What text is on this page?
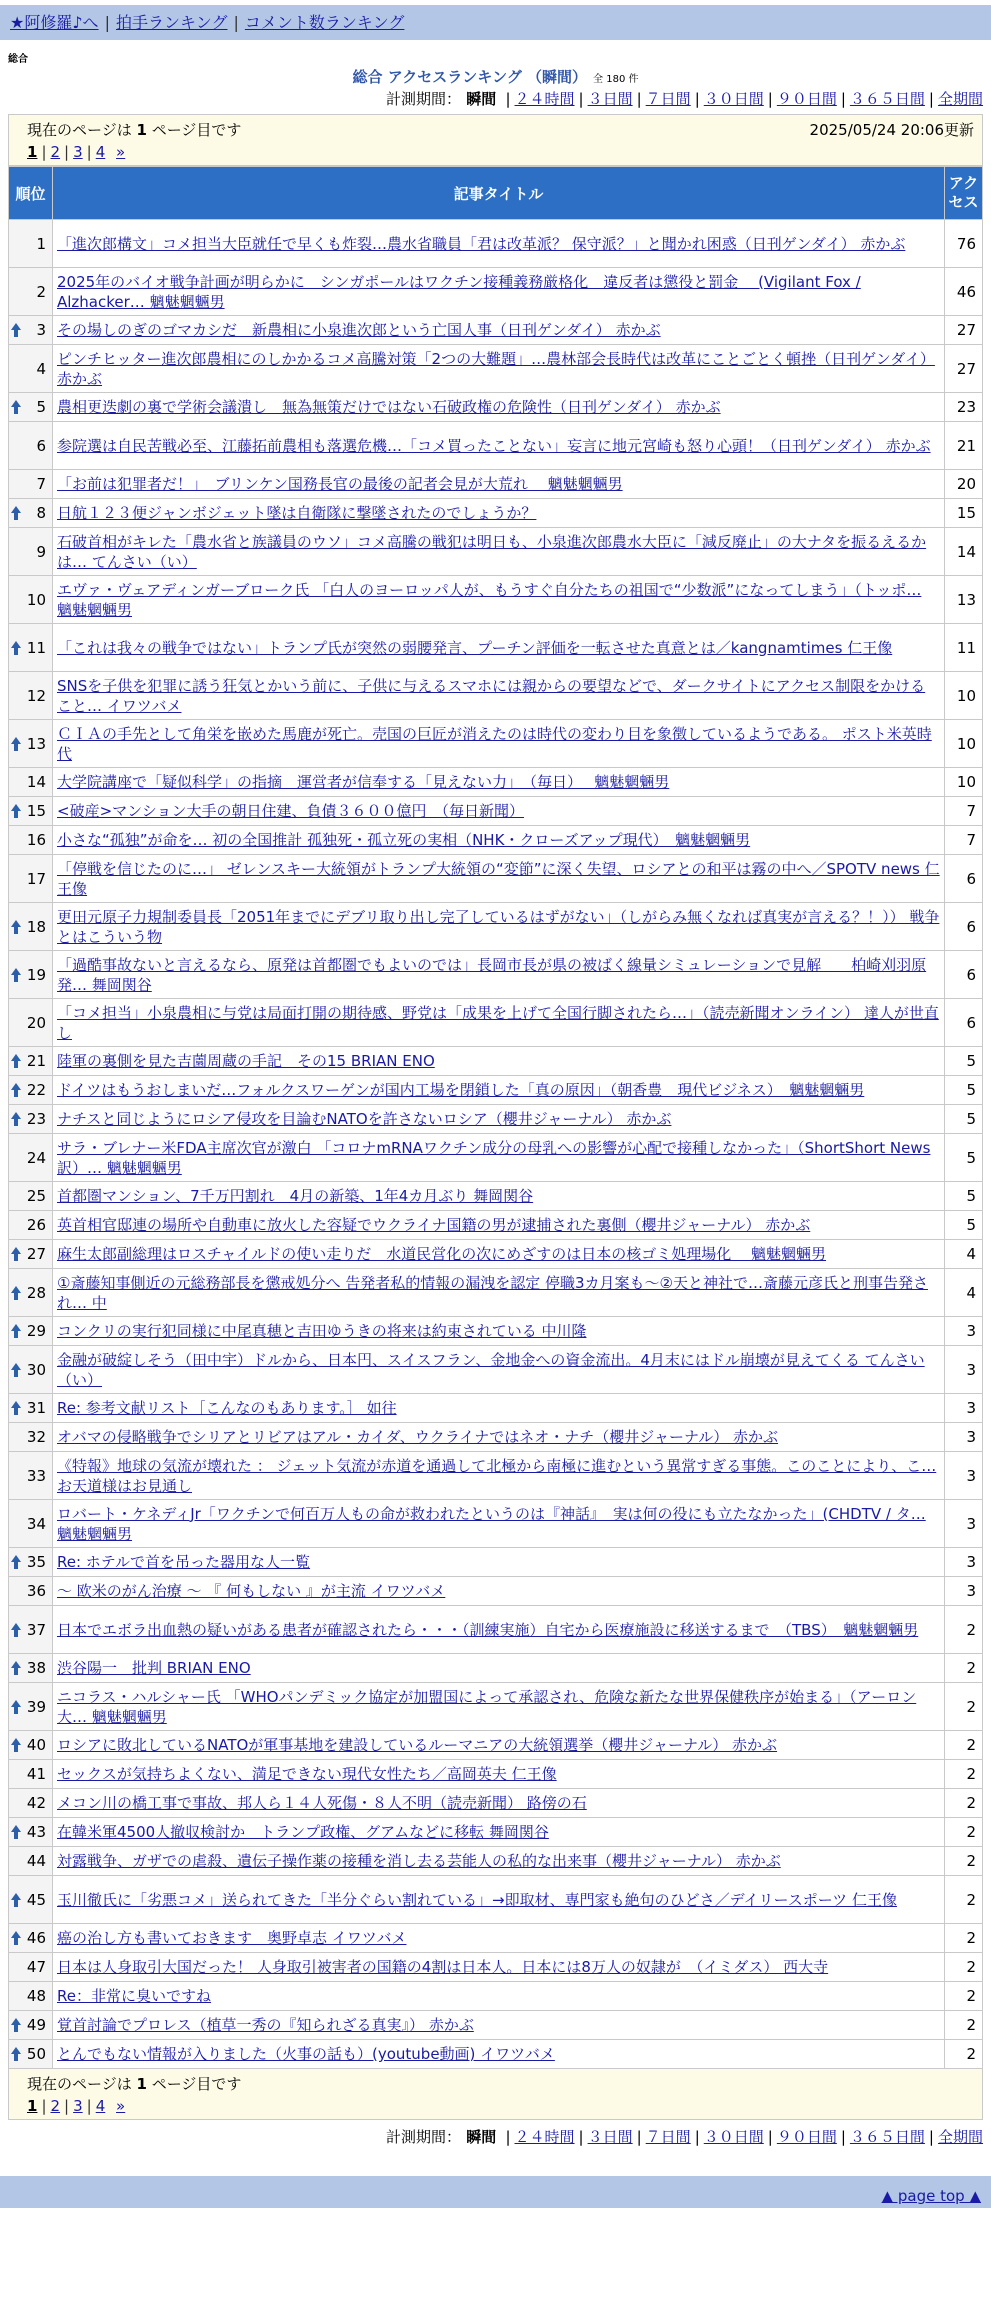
★阿修羅♪へ | 拍手ランキング | コメント数ランキング
総合
総合 アクセスランキング （瞬間） 全 180 件
計測期間： 瞬間 | ２４時間 | ３日間 | ７日間 | ３０日間 | ９０日間 | ３６５日間 | 全期間
現在のページは 1 ページ目です	2025/05/24 20:06更新
1 | 2 | 3 | 4 »
順位	記事タイトル	アクセス
1	「進次郎構文」コメ担当大臣就任で早くも炸裂…農水省職員「君は改革派？ 保守派？」と聞かれ困惑（日刊ゲンダイ） 赤かぶ	76
2	2025年のバイオ戦争計画が明らかに　シンガポールはワクチン接種義務厳格化　違反者は懲役と罰金　 (Vigilant Fox / Alzhacker… 魑魅魍魎男	46

3	その場しのぎのゴマカシだ　新農相に小泉進次郎という亡国人事（日刊ゲンダイ） 赤かぶ	27
4	ピンチヒッター進次郎農相にのしかかるコメ高騰対策「2つの大難題」…農林部会長時代は改革にことごとく頓挫（日刊ゲンダイ） 赤かぶ	27

5	農相更迭劇の裏で学術会議潰し　無為無策だけではない石破政権の危険性（日刊ゲンダイ） 赤かぶ	23
6	参院選は自民苦戦必至、江藤拓前農相も落選危機…「コメ買ったことない」妄言に地元宮崎も怒り心頭！（日刊ゲンダイ） 赤かぶ	21
7	「お前は犯罪者だ！」　ブリンケン国務長官の最後の記者会見が大荒れ　 魑魅魍魎男	20

8	日航１２３便ジャンボジェット墜は自衛隊に撃墜されたのでしょうか？	15
9	石破首相がキレた「農水省と族議員のウソ」コメ高騰の戦犯は明日も、小泉進次郎農水大臣に「減反廃止」の大ナタを振るえるかは… てんさい（い）	14
10	エヴァ・ヴェアディンガーブローク氏 「白人のヨーロッパ人が、もうすぐ自分たちの祖国で“少数派”になってしまう」（トッポ… 魑魅魍魎男	13

11	「これは我々の戦争ではない」トランプ氏が突然の弱腰発言、プーチン評価を一転させた真意とは／kangnamtimes 仁王像	11
12	SNSを子供を犯罪に誘う狂気とかいう前に、子供に与えるスマホには親からの要望などで、ダークサイトにアクセス制限をかけること… イワツバメ	10

13	ＣＩＡの手先として角栄を嵌めた馬鹿が死亡。売国の巨匠が消えたのは時代の変わり目を象徴しているようである。 ポスト米英時代	10
14	大学院講座で「疑似科学」の指摘　運営者が信奉する「見えない力」　（毎日）　 魑魅魍魎男	10

15	<破産>マンション大手の朝日住建、負債３６００億円　（毎日新聞）	7
16	小さな“孤独”が命を… 初の全国推計 孤独死・孤立死の実相（NHK・クローズアップ現代）　魑魅魍魎男	7
17	「停戦を信じたのに…」 ゼレンスキー大統領がトランプ大統領の“変節”に深く失望、ロシアとの和平は霧の中へ／SPOTV news 仁王像	6

18	更田元原子力規制委員長「2051年までにデブリ取り出し完了しているはずがない」（しがらみ無くなれば真実が言える？！）） 戦争とはこういう物	6

19	「過酷事故ないと言えるなら、原発は首都圏でもよいのでは」長岡市長が県の被ばく線量シミュレーションで見解　　柏崎刈羽原発… 舞岡関谷	6
20	「コメ担当」小泉農相に与党は局面打開の期待感、野党は「成果を上げて全国行脚されたら…」（読売新聞オンライン） 達人が世直し	6

21	陸軍の裏側を見た吉薗周蔵の手記　その15 BRIAN ENO	5

22	ドイツはもうおしまいだ…フォルクスワーゲンが国内工場を閉鎖した「真の原因」（朝香豊　現代ビジネス）　魑魅魍魎男	5

23	ナチスと同じようにロシア侵攻を目論むNATOを許さないロシア（櫻井ジャーナル） 赤かぶ	5
24	サラ・ブレナー米FDA主席次官が激白 「コロナmRNAワクチン成分の母乳への影響が心配で接種しなかった」（ShortShort News訳）… 魑魅魍魎男	5
25	首都圏マンション、7千万円割れ　4月の新築、1年4カ月ぶり 舞岡関谷	5
26	英首相官邸連の場所や自動車に放火した容疑でウクライナ国籍の男が逮捕された裏側（櫻井ジャーナル） 赤かぶ	5

27	麻生太郎副総理はロスチャイルドの使い走りだ　水道民営化の次にめざすのは日本の核ゴミ処理場化　 魑魅魍魎男	4

28	①斎藤知事側近の元総務部長を懲戒処分へ 告発者私的情報の漏洩を認定 停職3カ月案も～②天と神社で…斎藤元彦氏と刑事告発され… 中	4

29	コンクリの実行犯同様に中尾真穂と吉田ゆうきの将来は約束されている 中川隆	3

30	金融が破綻しそう（田中宇）ドルから、日本円、スイスフラン、金地金への資金流出。4月末にはドル崩壊が見えてくる てんさい（い）	3

31	Re: 参考文献リスト［こんなのもあります。］ 如往	3
32	オバマの侵略戦争でシリアとリビアはアル・カイダ、ウクライナではネオ・ナチ（櫻井ジャーナル） 赤かぶ	3
33	《特報》地球の気流が壊れた ： ジェット気流が赤道を通過して北極から南極に進むという異常すぎる事態。このことにより、こ… お天道様はお見通し	3
34	ロバート・ケネディJr「ワクチンで何百万人もの命が救われたというのは『神話』　実は何の役にも立たなかった」(CHDTV / タ… 魑魅魍魎男	3

35	Re: ホテルで首を吊った器用な人一覧	3
36	～ 欧米のがん治療 ～ 『 何もしない 』が主流 イワツバメ	3

37	日本でエボラ出血熱の疑いがある患者が確認されたら・・・（訓練実施）自宅から医療施設に移送するまで　（TBS）　魑魅魍魎男	2

38	渋谷陽一　批判 BRIAN ENO	2

39	ニコラス・ハルシャー氏 「WHOパンデミック協定が加盟国によって承認され、危険な新たな世界保健秩序が始まる」（アーロン大… 魑魅魍魎男	2

40	ロシアに敗北しているNATOが軍事基地を建設しているルーマニアの大統領選挙（櫻井ジャーナル） 赤かぶ	2
41	セックスが気持ちよくない、満足できない現代女性たち／高岡英夫 仁王像	2
42	メコン川の橋工事で事故、邦人ら１４人死傷・８人不明（読売新聞） 路傍の石	2

43	在韓米軍4500人撤収検討か　トランプ政権、グアムなどに移転 舞岡関谷	2
44	対露戦争、ガザでの虐殺、遺伝子操作薬の接種を消し去る芸能人の私的な出来事（櫻井ジャーナル） 赤かぶ	2

45	玉川徹氏に「劣悪コメ」送られてきた「半分ぐらい割れている」→即取材、専門家も絶句のひどさ／デイリースポーツ 仁王像	2

46	癌の治し方も書いておきます　奥野卓志 イワツバメ	2
47	日本は人身取引大国だった！ 人身取引被害者の国籍の4割は日本人。日本には8万人の奴隷が　（イミダス） 西大寺	2
48	Re：非常に臭いですね	2

49	覚首討論でプロレス（植草一秀の『知られざる真実』） 赤かぶ	2

50	とんでもない情報が入りました（火事の話も）(youtube動画) イワツバメ	2
現在のページは 1 ページ目です
1 | 2 | 3 | 4 »
計測期間： 瞬間 | ２４時間 | ３日間 | ７日間 | ３０日間 | ９０日間 | ３６５日間 | 全期間
▲ page top ▲
